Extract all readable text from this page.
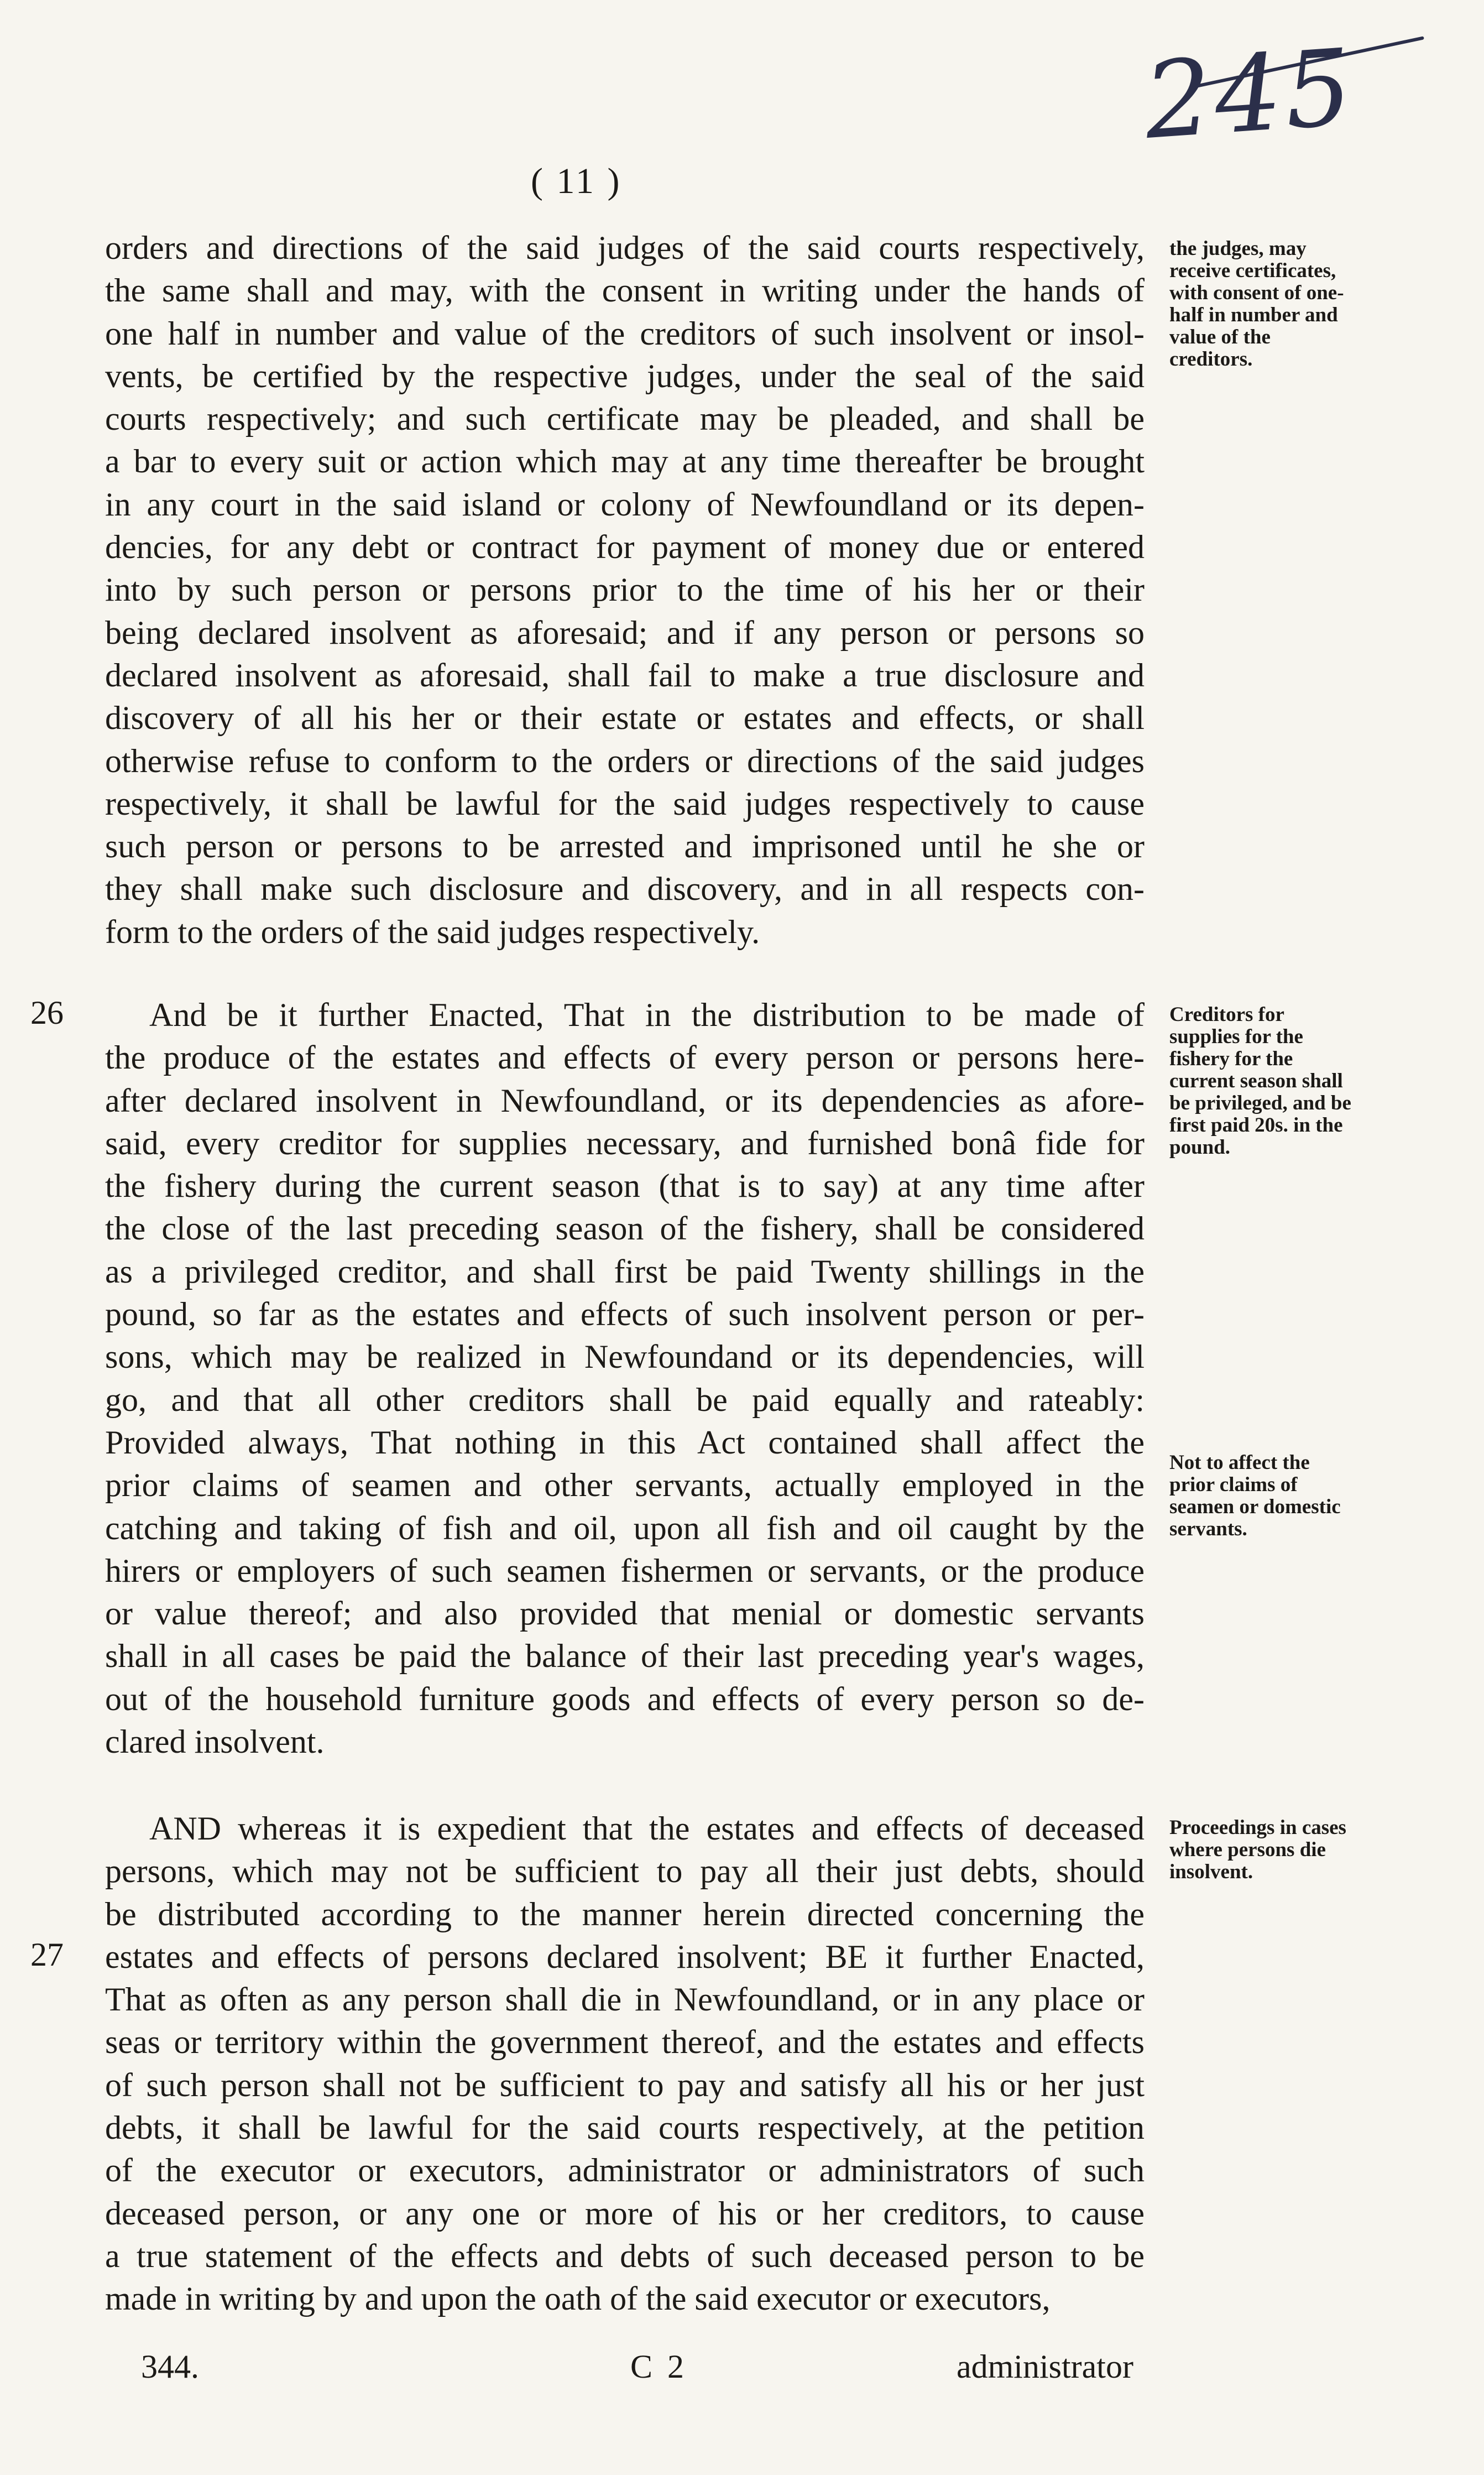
245
( 11 )
orders and directions of the said judges of the said courts respectively,
the same shall and may, with the consent in writing under the hands of
one half in number and value of the creditors of such insolvent or insol-
vents, be certified by the respective judges, under the seal of the said
courts respectively; and such certificate may be pleaded, and shall be
a bar to every suit or action which may at any time thereafter be brought
in any court in the said island or colony of Newfoundland or its depen-
dencies, for any debt or contract for payment of money due or entered
into by such person or persons prior to the time of his her or their
being declared insolvent as aforesaid; and if any person or persons so
declared insolvent as aforesaid, shall fail to make a true disclosure and
discovery of all his her or their estate or estates and effects, or shall
otherwise refuse to conform to the orders or directions of the said judges
respectively, it shall be lawful for the said judges respectively to cause
such person or persons to be arrested and imprisoned until he she or
they shall make such disclosure and discovery, and in all respects con-
form to the orders of the said judges respectively.

the judges, may receive certificates, with consent of one-half in number and value of the creditors.

26	And be it further Enacted, That in the distribution to be made of
the produce of the estates and effects of every person or persons here-
after declared insolvent in Newfoundland, or its dependencies as afore-
said, every creditor for supplies necessary, and furnished bonâ fide for
the fishery during the current season (that is to say) at any time after
the close of the last preceding season of the fishery, shall be considered
as a privileged creditor, and shall first be paid Twenty shillings in the
pound, so far as the estates and effects of such insolvent person or per-
sons, which may be realized in Newfoundand or its dependencies, will
go, and that all other creditors shall be paid equally and rateably:
Provided always, That nothing in this Act contained shall affect the
prior claims of seamen and other servants, actually employed in the
catching and taking of fish and oil, upon all fish and oil caught by the
hirers or employers of such seamen fishermen or servants, or the produce
or value thereof; and also provided that menial or domestic servants
shall in all cases be paid the balance of their last preceding year's wages,
out of the household furniture goods and effects of every person so de-
clared insolvent.

Creditors for supplies for the fishery for the current season shall be privileged, and be first paid 20s. in the pound.

Not to affect the prior claims of seamen or domestic servants.

27
AND whereas it is expedient that the estates and effects of deceased
persons, which may not be sufficient to pay all their just debts, should
be distributed according to the manner herein directed concerning the
estates and effects of persons declared insolvent; BE it further Enacted,
That as often as any person shall die in Newfoundland, or in any place or
seas or territory within the government thereof, and the estates and effects
of such person shall not be sufficient to pay and satisfy all his or her just
debts, it shall be lawful for the said courts respectively, at the petition
of the executor or executors, administrator or administrators of such
deceased person, or any one or more of his or her creditors, to cause
a true statement of the effects and debts of such deceased person to be
made in writing by and upon the oath of the said executor or executors,

Proceedings in cases where persons die insolvent.

344.	C 2	administrator
